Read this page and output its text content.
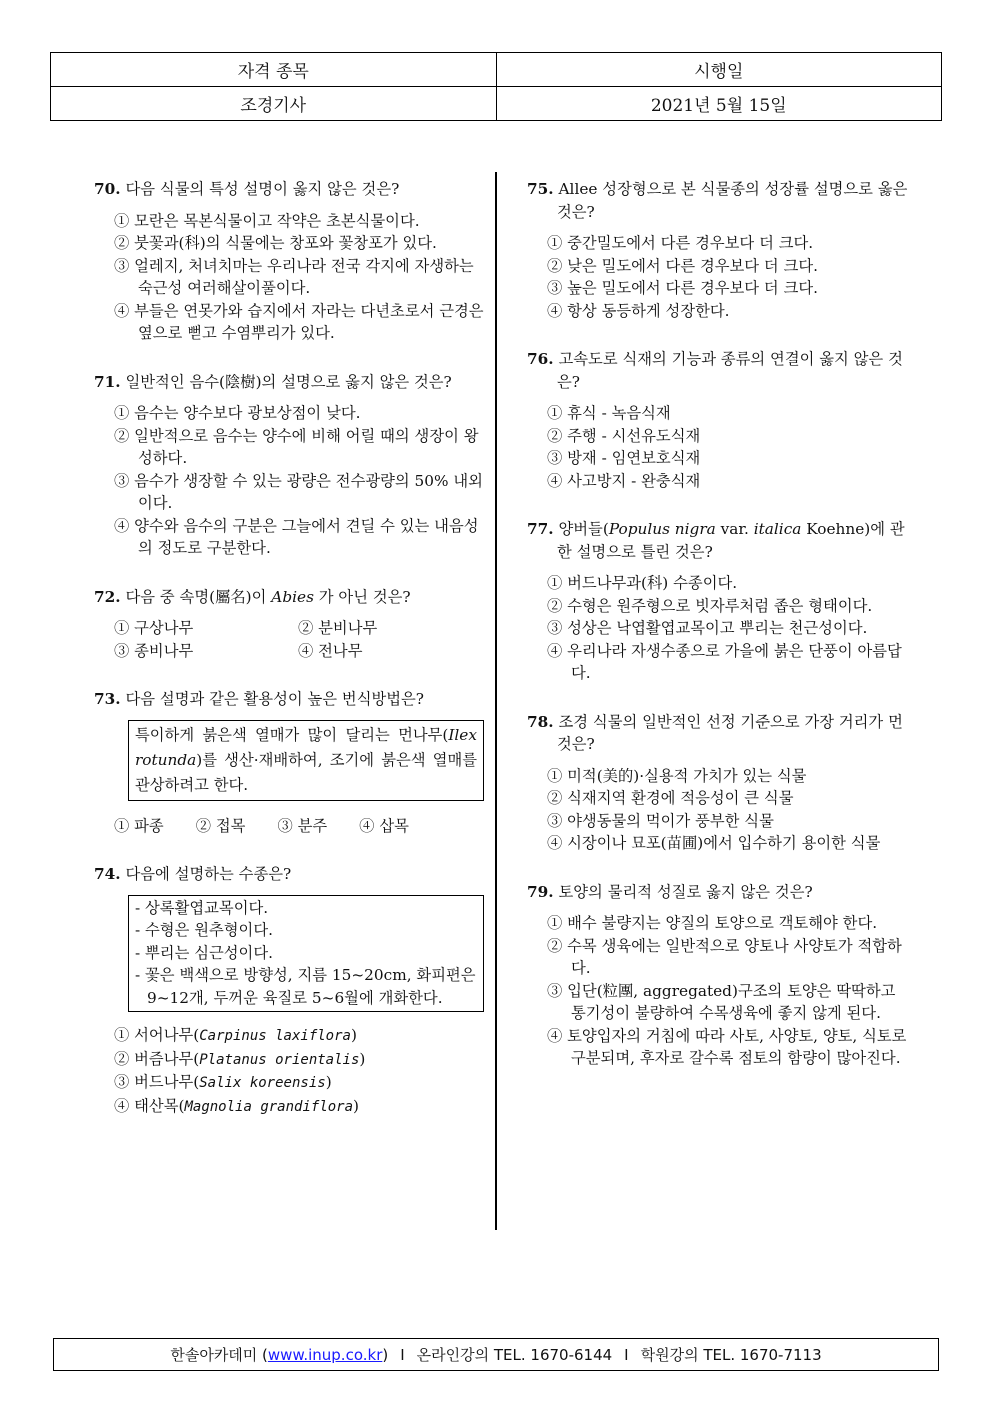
자격 종목	시행일
조경기사	2021년 5월 15일
70. 다음 식물의 특성 설명이 옳지 않은 것은?
① 모란은 목본식물이고 작약은 초본식물이다.
② 붓꽃과(科)의 식물에는 창포와 꽃창포가 있다.
③ 얼레지, 처녀치마는 우리나라 전국 각지에 자생하는 숙근성 여러해살이풀이다.
④ 부들은 연못가와 습지에서 자라는 다년초로서 근경은 옆으로 뻗고 수염뿌리가 있다.
71. 일반적인 음수(陰樹)의 설명으로 옳지 않은 것은?
① 음수는 양수보다 광보상점이 낮다.
② 일반적으로 음수는 양수에 비해 어릴 때의 생장이 왕성하다.
③ 음수가 생장할 수 있는 광량은 전수광량의 50% 내외이다.
④ 양수와 음수의 구분은 그늘에서 견딜 수 있는 내음성의 정도로 구분한다.
72. 다음 중 속명(屬名)이 Abies 가 아닌 것은?
① 구상나무	② 분비나무
③ 종비나무	④ 전나무
73. 다음 설명과 같은 활용성이 높은 번식방법은?
특이하게 붉은색 열매가 많이 달리는 먼나무(Ilex rotunda)를 생산·재배하여, 조기에 붉은색 열매를 관상하려고 한다.
① 파종 ② 접목 ③ 분주 ④ 삽목
74. 다음에 설명하는 수종은?
- 상록활엽교목이다.
- 수형은 원추형이다.
- 뿌리는 심근성이다.
- 꽃은 백색으로 방향성, 지름 15~20cm, 화피편은 9~12개, 두꺼운 육질로 5~6월에 개화한다.
① 서어나무(Carpinus laxiflora)
② 버즘나무(Platanus orientalis)
③ 버드나무(Salix koreensis)
④ 태산목(Magnolia grandiflora)
75. Allee 성장형으로 본 식물종의 성장률 설명으로 옳은 것은?
① 중간밀도에서 다른 경우보다 더 크다.
② 낮은 밀도에서 다른 경우보다 더 크다.
③ 높은 밀도에서 다른 경우보다 더 크다.
④ 항상 동등하게 성장한다.
76. 고속도로 식재의 기능과 종류의 연결이 옳지 않은 것은?
① 휴식 - 녹음식재
② 주행 - 시선유도식재
③ 방재 - 임연보호식재
④ 사고방지 - 완충식재
77. 양버들(Populus nigra var. italica Koehne)에 관한 설명으로 틀린 것은?
① 버드나무과(科) 수종이다.
② 수형은 원주형으로 빗자루처럼 좁은 형태이다.
③ 성상은 낙엽활엽교목이고 뿌리는 천근성이다.
④ 우리나라 자생수종으로 가을에 붉은 단풍이 아름답다.
78. 조경 식물의 일반적인 선정 기준으로 가장 거리가 먼 것은?
① 미적(美的)·실용적 가치가 있는 식물
② 식재지역 환경에 적응성이 큰 식물
③ 야생동물의 먹이가 풍부한 식물
④ 시장이나 묘포(苗圃)에서 입수하기 용이한 식물
79. 토양의 물리적 성질로 옳지 않은 것은?
① 배수 불량지는 양질의 토양으로 객토해야 한다.
② 수목 생육에는 일반적으로 양토나 사양토가 적합하다.
③ 입단(粒團, aggregated)구조의 토양은 딱딱하고 통기성이 불량하여 수목생육에 좋지 않게 된다.
④ 토양입자의 거침에 따라 사토, 사양토, 양토, 식토로 구분되며, 후자로 갈수록 점토의 함량이 많아진다.
한솔아카데미 ( www.inup.co.kr ) I 온라인강의 TEL. 1670-6144 I 학원강의 TEL. 1670-7113
